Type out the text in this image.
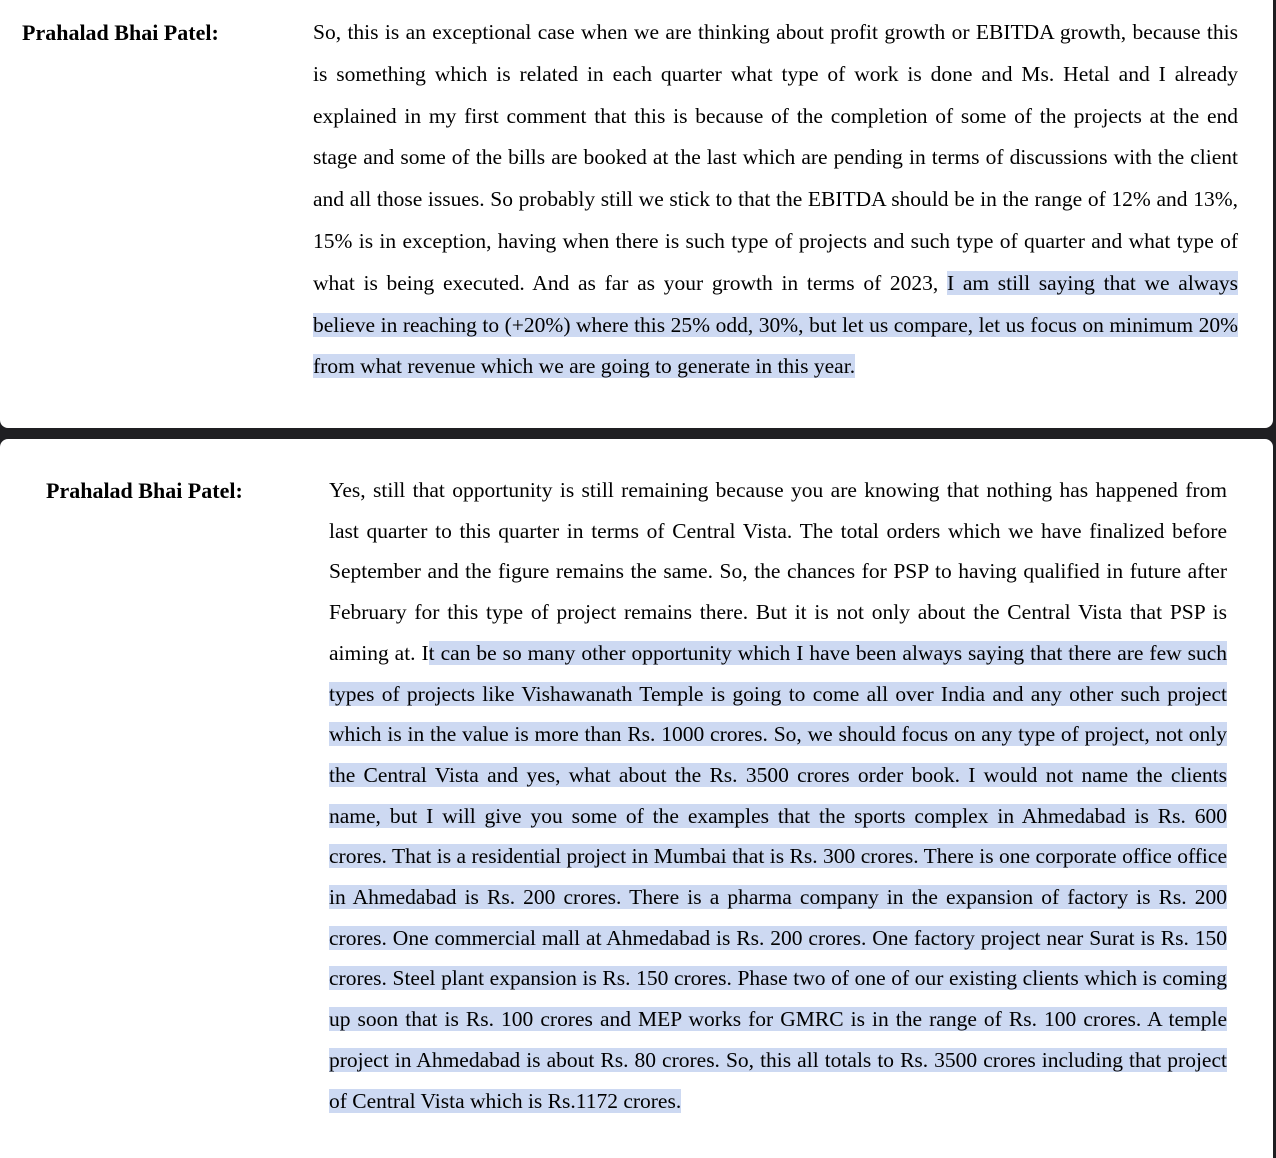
Prahalad Bhai Patel:	So, this is an exceptional case when we are thinking about profit growth or EBITDA growth, because this is something which is related in each quarter what type of work is done and Ms. Hetal and I already explained in my first comment that this is because of the completion of some of the projects at the end stage and some of the bills are booked at the last which are pending in terms of discussions with the client and all those issues. So probably still we stick to that the EBITDA should be in the range of 12% and 13%, 15% is in exception, having when there is such type of projects and such type of quarter and what type of what is being executed. And as far as your growth in terms of 2023, I am still saying that we always believe in reaching to (+20%) where this 25% odd, 30%, but let us compare, let us focus on minimum 20% from what revenue which we are going to generate in this year.
Prahalad Bhai Patel:	Yes, still that opportunity is still remaining because you are knowing that nothing has happened from last quarter to this quarter in terms of Central Vista. The total orders which we have finalized before September and the figure remains the same. So, the chances for PSP to having qualified in future after February for this type of project remains there. But it is not only about the Central Vista that PSP is aiming at. It can be so many other opportunity which I have been always saying that there are few such types of projects like Vishawanath Temple is going to come all over India and any other such project which is in the value is more than Rs. 1000 crores. So, we should focus on any type of project, not only the Central Vista and yes, what about the Rs. 3500 crores order book. I would not name the clients name, but I will give you some of the examples that the sports complex in Ahmedabad is Rs. 600 crores. That is a residential project in Mumbai that is Rs. 300 crores. There is one corporate office office in Ahmedabad is Rs. 200 crores. There is a pharma company in the expansion of factory is Rs. 200 crores. One commercial mall at Ahmedabad is Rs. 200 crores. One factory project near Surat is Rs. 150 crores. Steel plant expansion is Rs. 150 crores. Phase two of one of our existing clients which is coming up soon that is Rs. 100 crores and MEP works for GMRC is in the range of Rs. 100 crores. A temple project in Ahmedabad is about Rs. 80 crores. So, this all totals to Rs. 3500 crores including that project of Central Vista which is Rs.1172 crores.
